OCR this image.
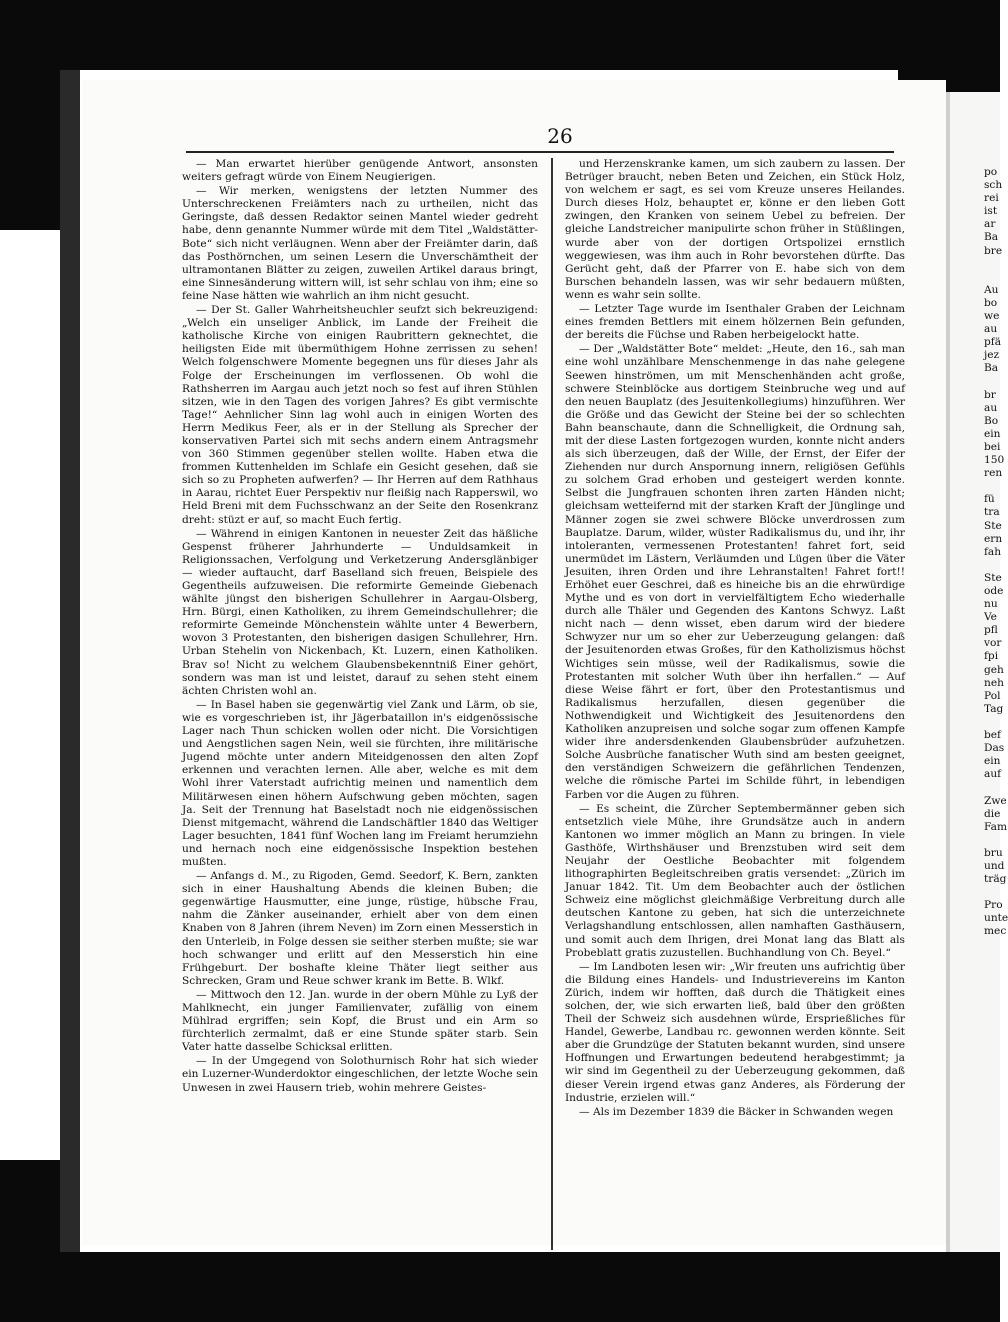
26

— Man erwartet hierüber genügende Antwort, ansonsten weiters gefragt würde von Einem Neugierigen.

— Wir merken, wenigstens der letzten Nummer des Unterschreckenen Freiämters nach zu urtheilen, nicht das Geringste, daß dessen Redaktor seinen Mantel wieder gedreht habe, denn genannte Nummer würde mit dem Titel „Waldstätter-Bote“ sich nicht verläugnen. Wenn aber der Freiämter darin, daß das Posthörnchen, um seinen Lesern die Unverschämtheit der ultramontanen Blätter zu zeigen, zuweilen Artikel daraus bringt, eine Sinnesänderung wittern will, ist sehr schlau von ihm; eine so feine Nase hätten wie wahrlich an ihm nicht gesucht.

— Der St. Galler Wahrheitsheuchler seufzt sich bekreuzigend: „Welch ein unseliger Anblick, im Lande der Freiheit die katholische Kirche von einigen Raubrittern geknechtet, die heiligsten Eide mit übermüthigem Hohne zerrissen zu sehen! Welch folgenschwere Momente begegnen uns für dieses Jahr als Folge der Erscheinungen im verflossenen. Ob wohl die Rathsherren im Aargau auch jetzt noch so fest auf ihren Stühlen sitzen, wie in den Tagen des vorigen Jahres? Es gibt vermischte Tage!“ Aehnlicher Sinn lag wohl auch in einigen Worten des Herrn Medikus Feer, als er in der Stellung als Sprecher der konservativen Partei sich mit sechs andern einem Antragsmehr von 360 Stimmen gegenüber stellen wollte. Haben etwa die frommen Kuttenhelden im Schlafe ein Gesicht gesehen, daß sie sich so zu Propheten aufwerfen? — Ihr Herren auf dem Rathhaus in Aarau, richtet Euer Perspektiv nur fleißig nach Rapperswil, wo Held Breni mit dem Fuchsschwanz an der Seite den Rosenkranz dreht: stüzt er auf, so macht Euch fertig.

— Während in einigen Kantonen in neuester Zeit das häßliche Gespenst früherer Jahrhunderte — Unduldsamkeit in Religionssachen, Verfolgung und Verketzerung Andersglänbiger — wieder auftaucht, darf Baselland sich freuen, Beispiele des Gegentheils aufzuweisen. Die reformirte Gemeinde Giebenach wählte jüngst den bisherigen Schullehrer in Aargau-Olsberg, Hrn. Bürgi, einen Katholiken, zu ihrem Gemeindschullehrer; die reformirte Gemeinde Mönchenstein wählte unter 4 Bewerbern, wovon 3 Protestanten, den bisherigen dasigen Schullehrer, Hrn. Urban Stehelin von Nickenbach, Kt. Luzern, einen Katholiken. Brav so! Nicht zu welchem Glaubensbekenntniß Einer gehört, sondern was man ist und leistet, darauf zu sehen steht einem ächten Christen wohl an.

— In Basel haben sie gegenwärtig viel Zank und Lärm, ob sie, wie es vorgeschrieben ist, ihr Jägerbataillon in's eidgenössische Lager nach Thun schicken wollen oder nicht. Die Vorsichtigen und Aengstlichen sagen Nein, weil sie fürchten, ihre militärische Jugend möchte unter andern Miteidgenossen den alten Zopf erkennen und verachten lernen. Alle aber, welche es mit dem Wohl ihrer Vaterstadt aufrichtig meinen und namentlich dem Militärwesen einen höhern Aufschwung geben möchten, sagen Ja. Seit der Trennung hat Baselstadt noch nie eidgenössischen Dienst mitgemacht, während die Landschäftler 1840 das Weltiger Lager besuchten, 1841 fünf Wochen lang im Freiamt herumziehn und hernach noch eine eidgenössische Inspektion bestehen mußten.

— Anfangs d. M., zu Rigoden, Gemd. Seedorf, K. Bern, zankten sich in einer Haushaltung Abends die kleinen Buben; die gegenwärtige Hausmutter, eine junge, rüstige, hübsche Frau, nahm die Zänker auseinander, erhielt aber von dem einen Knaben von 8 Jahren (ihrem Neven) im Zorn einen Messerstich in den Unterleib, in Folge dessen sie seither sterben mußte; sie war hoch schwanger und erlitt auf den Messerstich hin eine Frühgeburt. Der boshafte kleine Thäter liegt seither aus Schrecken, Gram und Reue schwer krank im Bette. B. Wlkf.

— Mittwoch den 12. Jan. wurde in der obern Mühle zu Lyß der Mahlknecht, ein junger Familienvater, zufällig von einem Mühlrad ergriffen; sein Kopf, die Brust und ein Arm so fürchterlich zermalmt, daß er eine Stunde später starb. Sein Vater hatte dasselbe Schicksal erlitten.

— In der Umgegend von Solothurnisch Rohr hat sich wieder ein Luzerner-Wunderdoktor eingeschlichen, der letzte Woche sein Unwesen in zwei Hausern trieb, wohin mehrere Geistes-

und Herzenskranke kamen, um sich zaubern zu lassen. Der Betrüger braucht, neben Beten und Zeichen, ein Stück Holz, von welchem er sagt, es sei vom Kreuze unseres Heilandes. Durch dieses Holz, behauptet er, könne er den lieben Gott zwingen, den Kranken von seinem Uebel zu befreien. Der gleiche Landstreicher manipulirte schon früher in Stüßlingen, wurde aber von der dortigen Ortspolizei ernstlich weggewiesen, was ihm auch in Rohr bevorstehen dürfte. Das Gerücht geht, daß der Pfarrer von E. habe sich von dem Burschen behandeln lassen, was wir sehr bedauern müßten, wenn es wahr sein sollte.

— Letzter Tage wurde im Isenthaler Graben der Leichnam eines fremden Bettlers mit einem hölzernen Bein gefunden, der bereits die Füchse und Raben herbeigelockt hatte.

— Der „Waldstätter Bote“ meldet: „Heute, den 16., sah man eine wohl unzählbare Menschenmenge in das nahe gelegene Seewen hinströmen, um mit Menschenhänden acht große, schwere Steinblöcke aus dortigem Steinbruche weg und auf den neuen Bauplatz (des Jesuitenkollegiums) hinzuführen. Wer die Größe und das Gewicht der Steine bei der so schlechten Bahn beanschaute, dann die Schnelligkeit, die Ordnung sah, mit der diese Lasten fortgezogen wurden, konnte nicht anders als sich überzeugen, daß der Wille, der Ernst, der Eifer der Ziehenden nur durch Anspornung innern, religiösen Gefühls zu solchem Grad erhoben und gesteigert werden konnte. Selbst die Jungfrauen schonten ihren zarten Händen nicht; gleichsam wetteifernd mit der starken Kraft der Jünglinge und Männer zogen sie zwei schwere Blöcke unverdrossen zum Bauplatze. Darum, wilder, wüster Radikalismus du, und ihr, ihr intoleranten, vermessenen Protestanten! fahret fort, seid unermüdet im Lästern, Verläumden und Lügen über die Väter Jesuiten, ihren Orden und ihre Lehranstalten! Fahret fort!! Erhöhet euer Geschrei, daß es hineiche bis an die ehrwürdige Mythe und es von dort in vervielfältigtem Echo wiederhalle durch alle Thäler und Gegenden des Kantons Schwyz. Laßt nicht nach — denn wisset, eben darum wird der biedere Schwyzer nur um so eher zur Ueberzeugung gelangen: daß der Jesuitenorden etwas Großes, für den Katholizismus höchst Wichtiges sein müsse, weil der Radikalismus, sowie die Protestanten mit solcher Wuth über ihn herfallen.“ — Auf diese Weise fährt er fort, über den Protestantismus und Radikalismus herzufallen, diesen gegenüber die Nothwendigkeit und Wichtigkeit des Jesuitenordens den Katholiken anzupreisen und solche sogar zum offenen Kampfe wider ihre andersdenkenden Glaubensbrüder aufzuhetzen. Solche Ausbrüche fanatischer Wuth sind am besten geeignet, den verständigen Schweizern die gefährlichen Tendenzen, welche die römische Partei im Schilde führt, in lebendigen Farben vor die Augen zu führen.

— Es scheint, die Zürcher Septembermänner geben sich entsetzlich viele Mühe, ihre Grundsätze auch in andern Kantonen wo immer möglich an Mann zu bringen. In viele Gasthöfe, Wirthshäuser und Brenzstuben wird seit dem Neujahr der Oestliche Beobachter mit folgendem lithographirten Begleitschreiben gratis versendet: „Zürich im Januar 1842. Tit. Um dem Beobachter auch der östlichen Schweiz eine möglichst gleichmäßige Verbreitung durch alle deutschen Kantone zu geben, hat sich die unterzeichnete Verlagshandlung entschlossen, allen namhaften Gasthäusern, und somit auch dem Ihrigen, drei Monat lang das Blatt als Probeblatt gratis zuzustellen. Buchhandlung von Ch. Beyel.“

— Im Landboten lesen wir: „Wir freuten uns aufrichtig über die Bildung eines Handels- und Industrievereins im Kanton Zürich, indem wir hofften, daß durch die Thätigkeit eines solchen, der, wie sich erwarten ließ, bald über den größten Theil der Schweiz sich ausdehnen würde, Ersprießliches für Handel, Gewerbe, Landbau rc. gewonnen werden könnte. Seit aber die Grundzüge der Statuten bekannt wurden, sind unsere Hoffnungen und Erwartungen bedeutend herabgestimmt; ja wir sind im Gegentheil zu der Ueberzeugung gekommen, daß dieser Verein irgend etwas ganz Anderes, als Förderung der Industrie, erzielen will.“

— Als im Dezember 1839 die Bäcker in Schwanden wegen

po
sch
rei
ist
ar
Ba
bre

Au
bo
we
au
pfä
jez
Ba

br
au
Bo
ein
bei
150
ren

fü
tra
Ste
ern
fah

Ste
ode
nu
Ve
pfl
vor
fpi
geh
neh
Pol
Tag

bef
Das
ein
auf

Zwe
die
Fam

bru
und
träg

Pro
unte
mec
